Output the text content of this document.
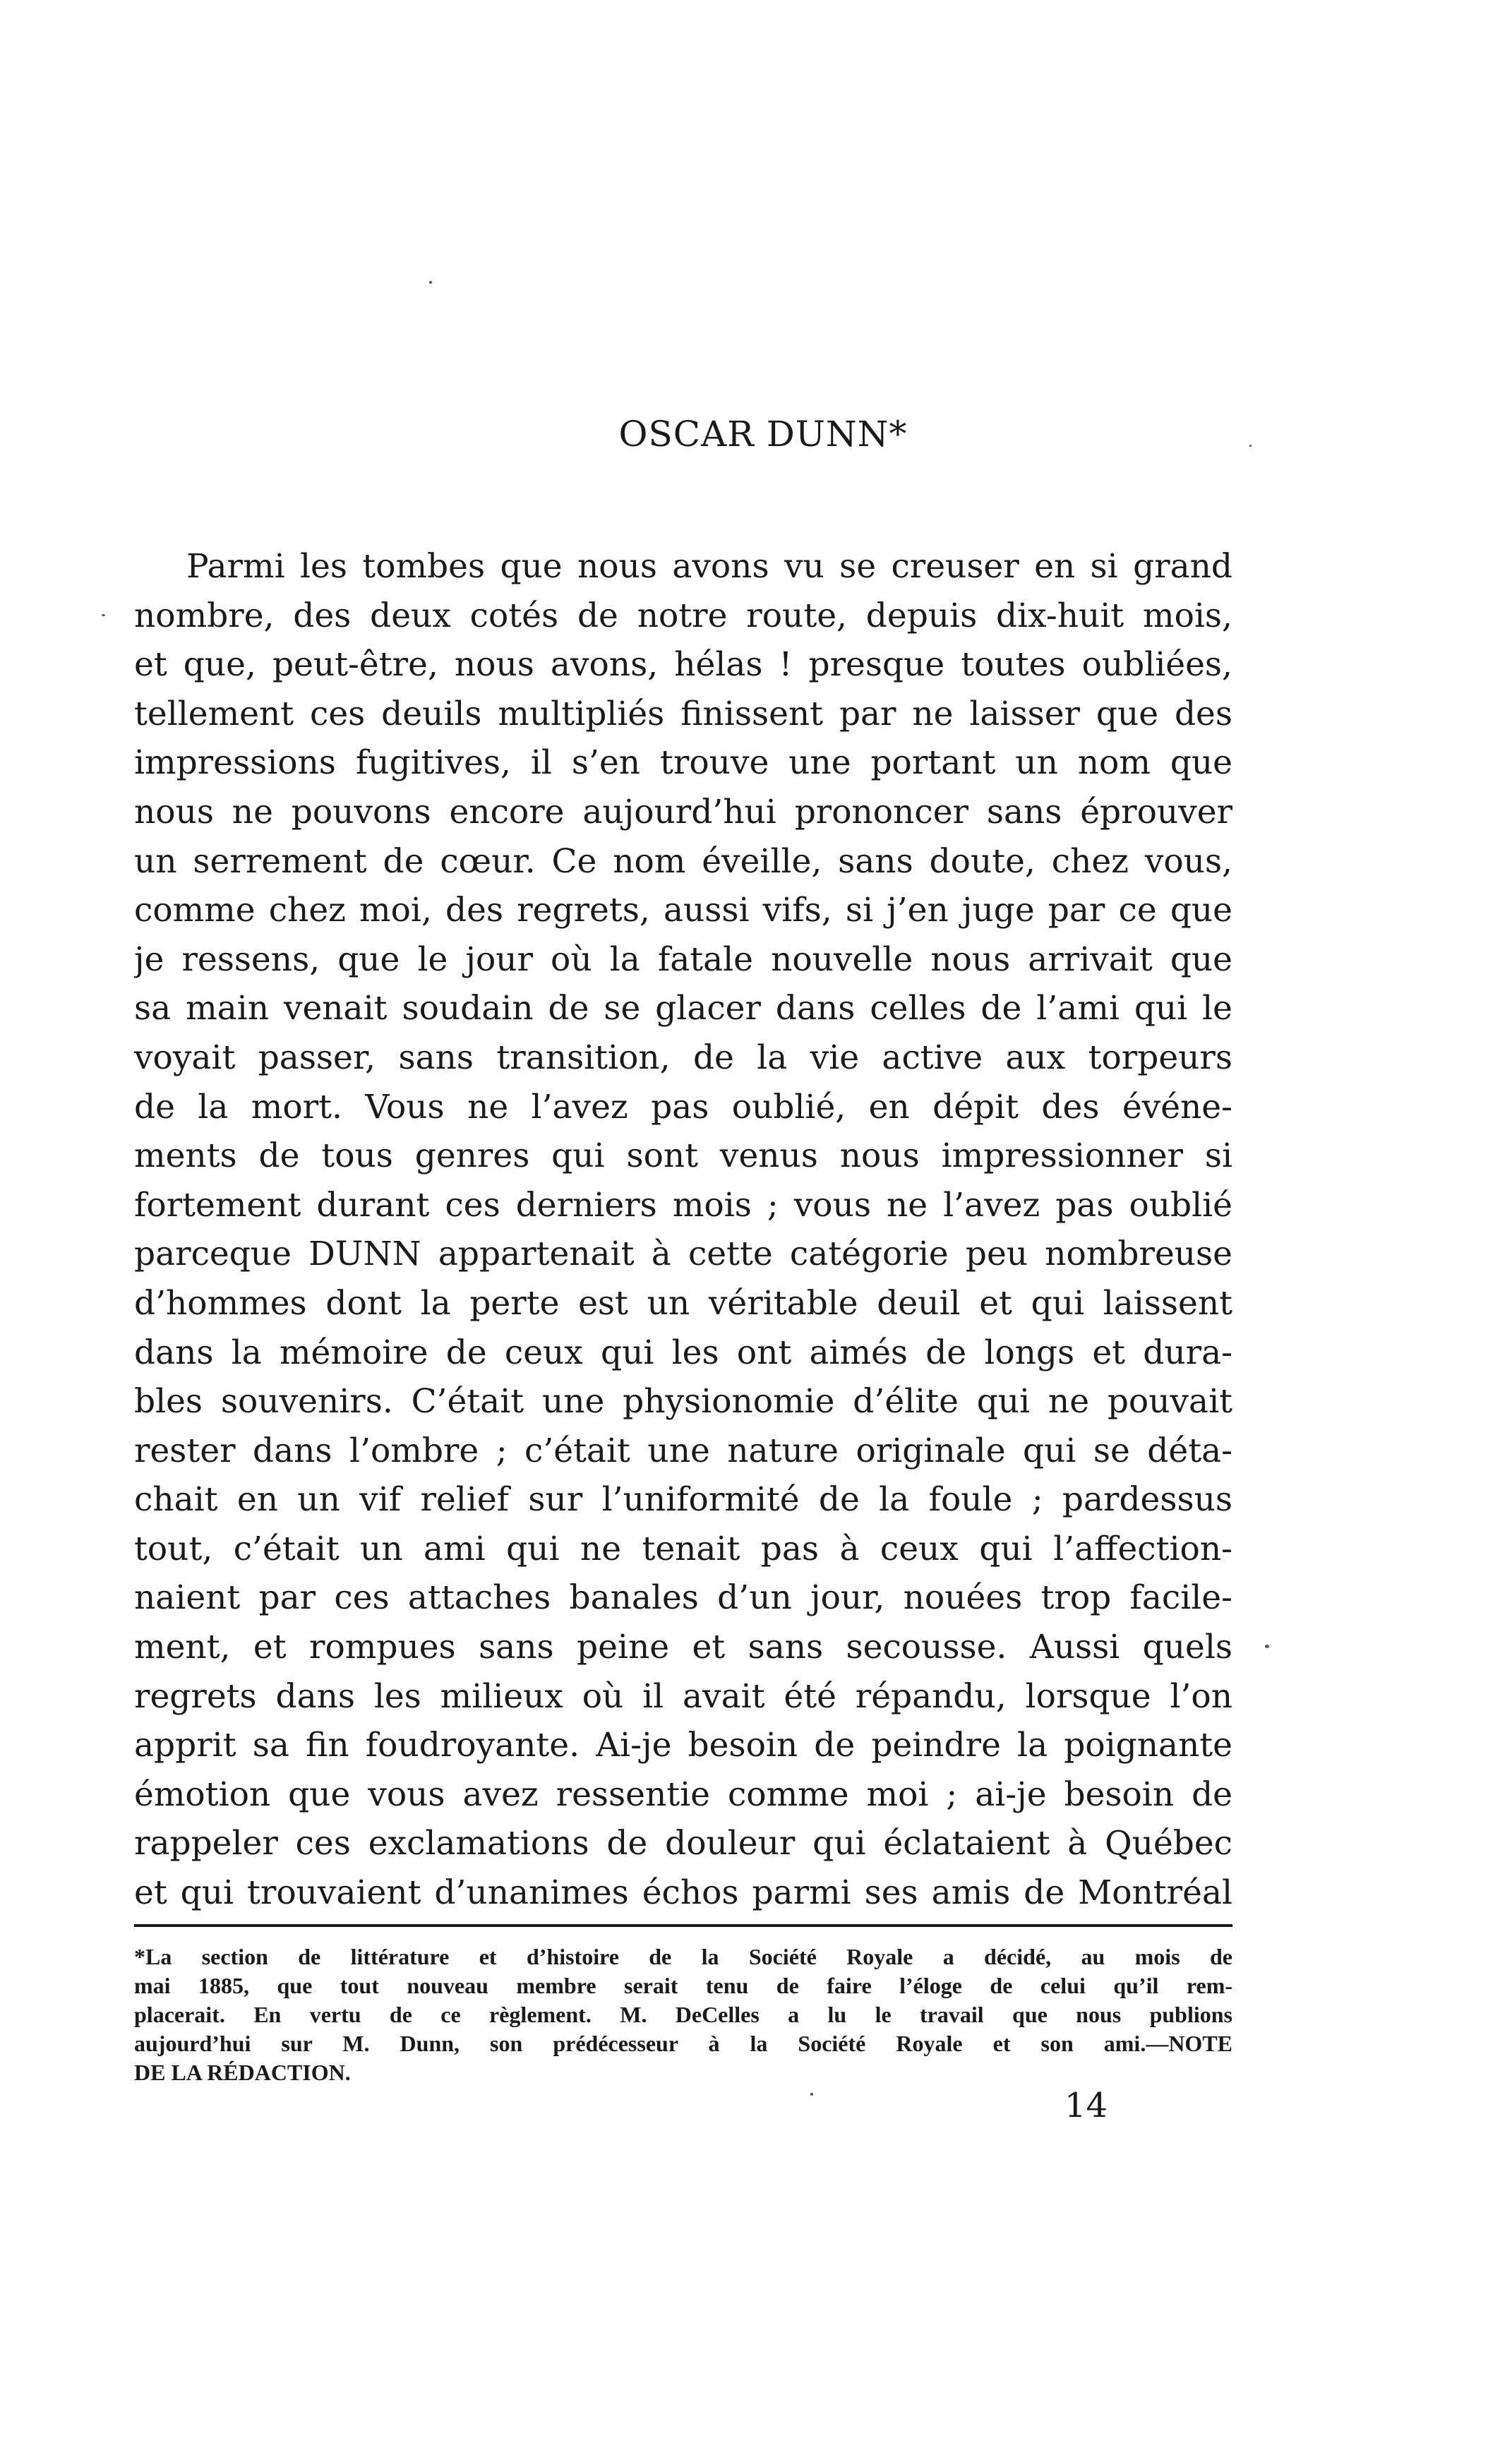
OSCAR DUNN*
Parmi les tombes que nous avons vu se creuser en si grand
nombre, des deux cotés de notre route, depuis dix-huit mois,
et que, peut-être, nous avons, hélas ! presque toutes oubliées,
tellement ces deuils multipliés finissent par ne laisser que des
impressions fugitives, il s’en trouve une portant un nom que
nous ne pouvons encore aujourd’hui prononcer sans éprouver
un serrement de cœur. Ce nom éveille, sans doute, chez vous,
comme chez moi, des regrets, aussi vifs, si j’en juge par ce que
je ressens, que le jour où la fatale nouvelle nous arrivait que
sa main venait soudain de se glacer dans celles de l’ami qui le
voyait passer, sans transition, de la vie active aux torpeurs
de la mort. Vous ne l’avez pas oublié, en dépit des événe-
ments de tous genres qui sont venus nous impressionner si
fortement durant ces derniers mois ; vous ne l’avez pas oublié
parceque DUNN appartenait à cette catégorie peu nombreuse
d’hommes dont la perte est un véritable deuil et qui laissent
dans la mémoire de ceux qui les ont aimés de longs et dura-
bles souvenirs. C’était une physionomie d’élite qui ne pouvait
rester dans l’ombre ; c’était une nature originale qui se déta-
chait en un vif relief sur l’uniformité de la foule ; pardessus
tout, c’était un ami qui ne tenait pas à ceux qui l’affection-
naient par ces attaches banales d’un jour, nouées trop facile-
ment, et rompues sans peine et sans secousse. Aussi quels
regrets dans les milieux où il avait été répandu, lorsque l’on
apprit sa fin foudroyante. Ai-je besoin de peindre la poignante
émotion que vous avez ressentie comme moi ; ai-je besoin de
rappeler ces exclamations de douleur qui éclataient à Québec
et qui trouvaient d’unanimes échos parmi ses amis de Montréal
*La section de littérature et d’histoire de la Société Royale a décidé, au mois de
mai 1885, que tout nouveau membre serait tenu de faire l’éloge de celui qu’il rem-
placerait. En vertu de ce règlement. M. DeCelles a lu le travail que nous publions
aujourd’hui sur M. Dunn, son prédécesseur à la Société Royale et son ami.—NOTE
DE LA RÉDACTION.
14
